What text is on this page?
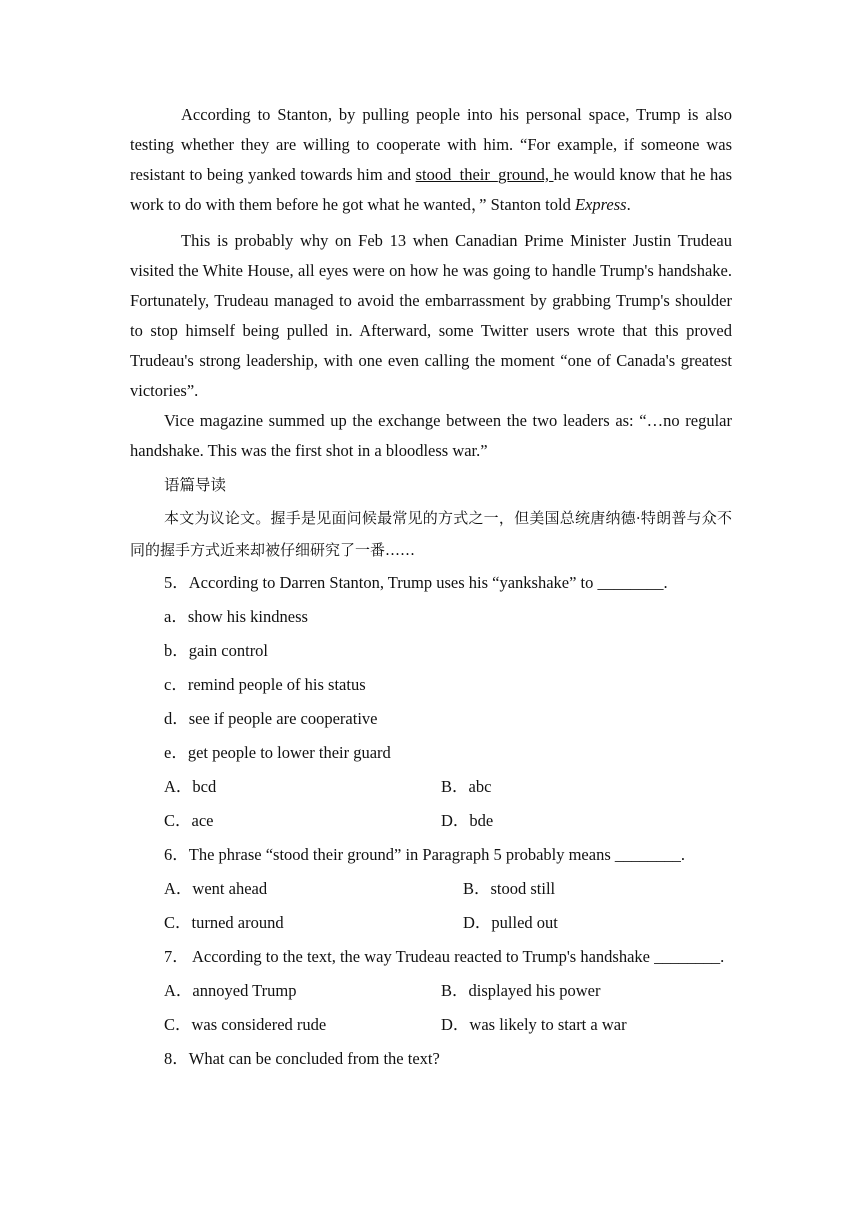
According to Stanton, by pulling people into his personal space, Trump is also testing whether they are willing to cooperate with him. “For example, if someone was resistant to being yanked towards him and stood_their_ground, he would know that he has work to do with them before he got what he wanted，” Stanton told Express.

This is probably why on Feb 13 when Canadian Prime Minister Justin Trudeau visited the White House, all eyes were on how he was going to handle Trump's handshake. Fortunately, Trudeau managed to avoid the embarrassment by grabbing Trump's shoulder to stop himself being pulled in. Afterward, some Twitter users wrote that this proved Trudeau's strong leadership, with one even calling the moment “one of Canada's greatest victories”.

Vice magazine summed up the exchange between the two leaders as: “…no regular handshake. This was the first shot in a bloodless war.”

语篇导读

本文为议论文。握手是见面问候最常见的方式之一，但美国总统唐纳德·特朗普与众不同的握手方式近来却被仔细研究了一番……

5．According to Darren Stanton, Trump uses his “yankshake” to ________.

a．show his kindness

b．gain control

c．remind people of his status

d．see if people are cooperative

e．get people to lower their guard

A．bcd	B．abc
C．ace	D．bde

6．The phrase “stood their ground” in Paragraph 5 probably means ________.

A．went ahead	B．stood still
C．turned around	D．pulled out

7． According to the text, the way Trudeau reacted to Trump's handshake ________.

A．annoyed Trump	B．displayed his power
C．was considered rude	D．was likely to start a war

8．What can be concluded from the text?
